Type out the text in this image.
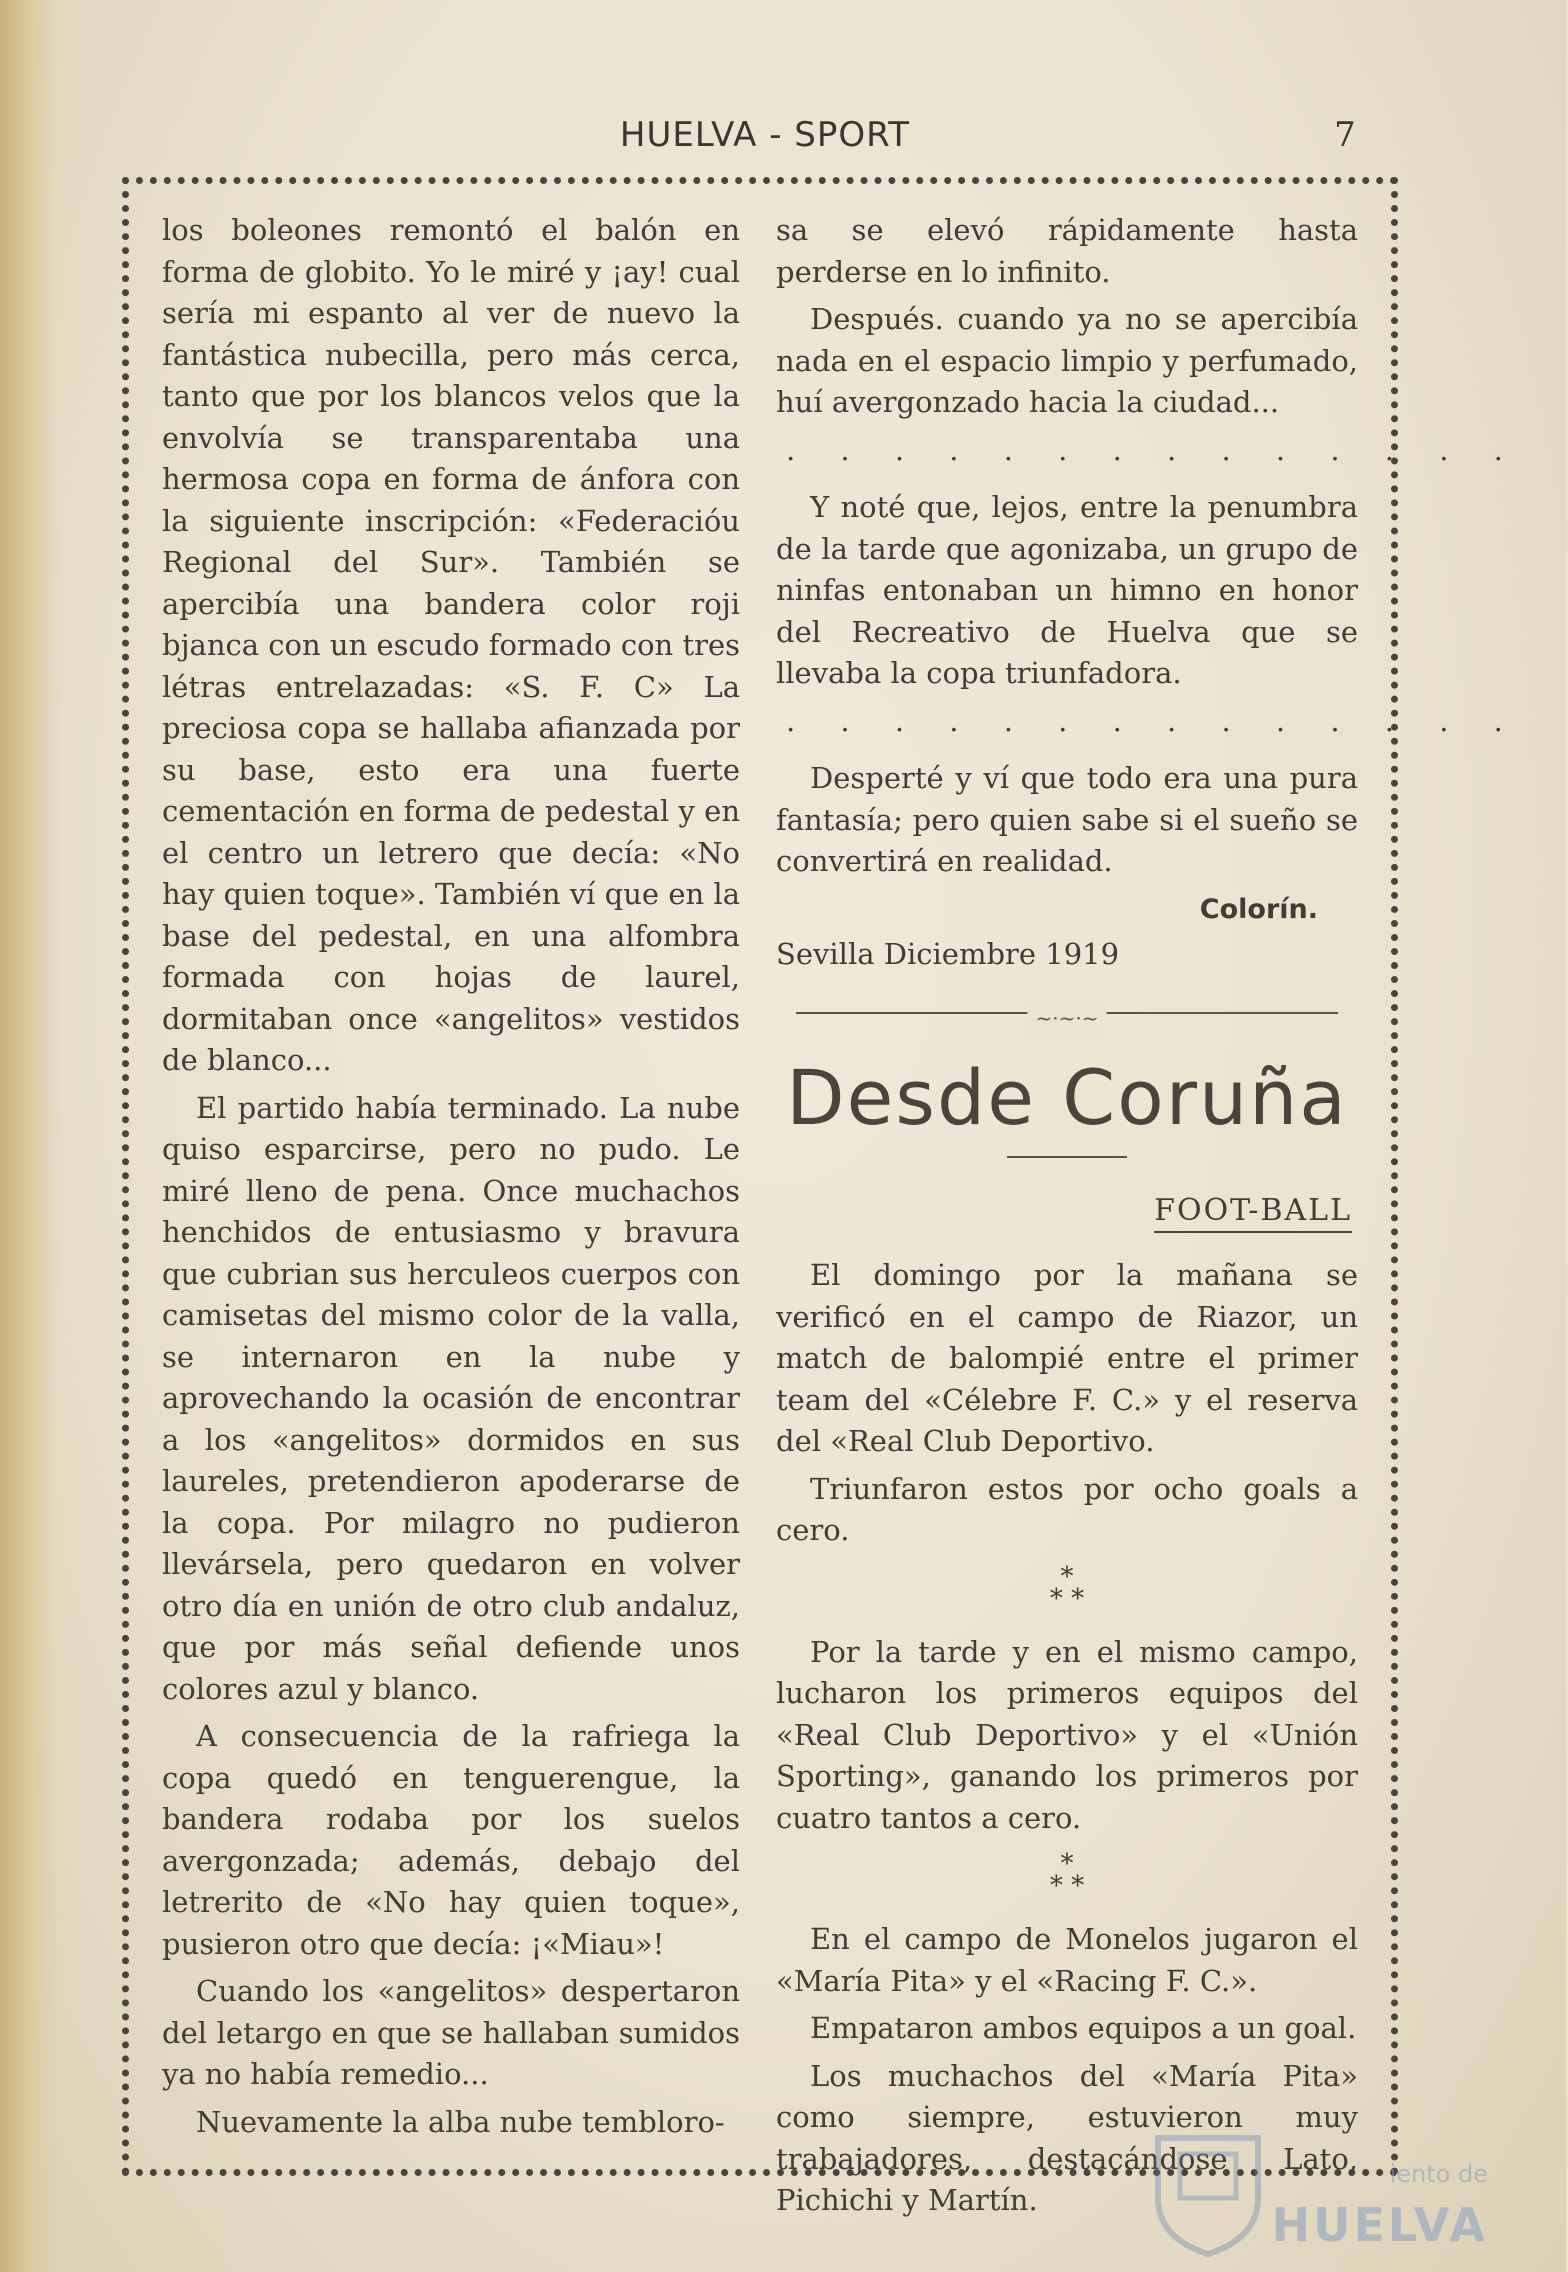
HUELVA - SPORT	7

los boleones remontó el balón en forma de globito. Yo le miré y ¡ay! cual sería mi espanto al ver de nuevo la fantástica nubecilla, pero más cerca, tanto que por los blancos velos que la envolvía se transparentaba una hermosa copa en forma de ánfora con la siguiente inscripción: «Federacióu Regional del Sur». También se apercibía una bandera color roji bjanca con un escudo formado con tres létras entrelazadas: «S. F. C» La preciosa copa se hallaba afianzada por su base, esto era una fuerte cementación en forma de pedestal y en el centro un letrero que decía: «No hay quien toque». También ví que en la base del pedestal, en una alfombra formada con hojas de laurel, dormitaban once «angelitos» vestidos de blanco...

El partido había terminado. La nube quiso esparcirse, pero no pudo. Le miré lleno de pena. Once muchachos henchidos de entusiasmo y bravura que cubrian sus herculeos cuerpos con camisetas del mismo color de la valla, se internaron en la nube y aprovechando la ocasión de encontrar a los «angelitos» dormidos en sus laureles, pretendieron apoderarse de la copa. Por milagro no pudieron llevársela, pero quedaron en volver otro día en unión de otro club andaluz, que por más señal defiende unos colores azul y blanco.

A consecuencia de la rafriega la copa quedó en tenguerengue, la bandera rodaba por los suelos avergonzada; además, debajo del letrerito de «No hay quien toque», pusieron otro que decía: ¡«Miau»!

Cuando los «angelitos» despertaron del letargo en que se hallaban sumidos ya no había remedio...

Nuevamente la alba nube tembloro-

sa se elevó rápidamente hasta perderse en lo infinito.

Después. cuando ya no se apercibía nada en el espacio limpio y perfumado, huí avergonzado hacia la ciudad...

. . . . . . . . . . . . . .

Y noté que, lejos, entre la penumbra de la tarde que agonizaba, un grupo de ninfas entonaban un himno en honor del Recreativo de Huelva que se llevaba la copa triunfadora.

. . . . . . . . . . . . . .

Desperté y ví que todo era una pura fantasía; pero quien sabe si el sueño se convertirá en realidad.

Colorín.
Sevilla Diciembre 1919
~·~·~
Desde Coruña
FOOT-BALL

El domingo por la mañana se verificó en el campo de Riazor, un match de balompié entre el primer team del «Célebre F. C.» y el reserva del «Real Club Deportivo.

Triunfaron estos por ocho goals a cero.

*
* *

Por la tarde y en el mismo campo, lucharon los primeros equipos del «Real Club Deportivo» y el «Unión Sporting», ganando los primeros por cuatro tantos a cero.

*
* *

En el campo de Monelos jugaron el «María Pita» y el «Racing F. C.».

Empataron ambos equipos a un goal.

Los muchachos del «María Pita» como siempre, estuvieron muy trabajadores, destacándose Lato, Pichichi y Martín.

iento de
HUELVA
